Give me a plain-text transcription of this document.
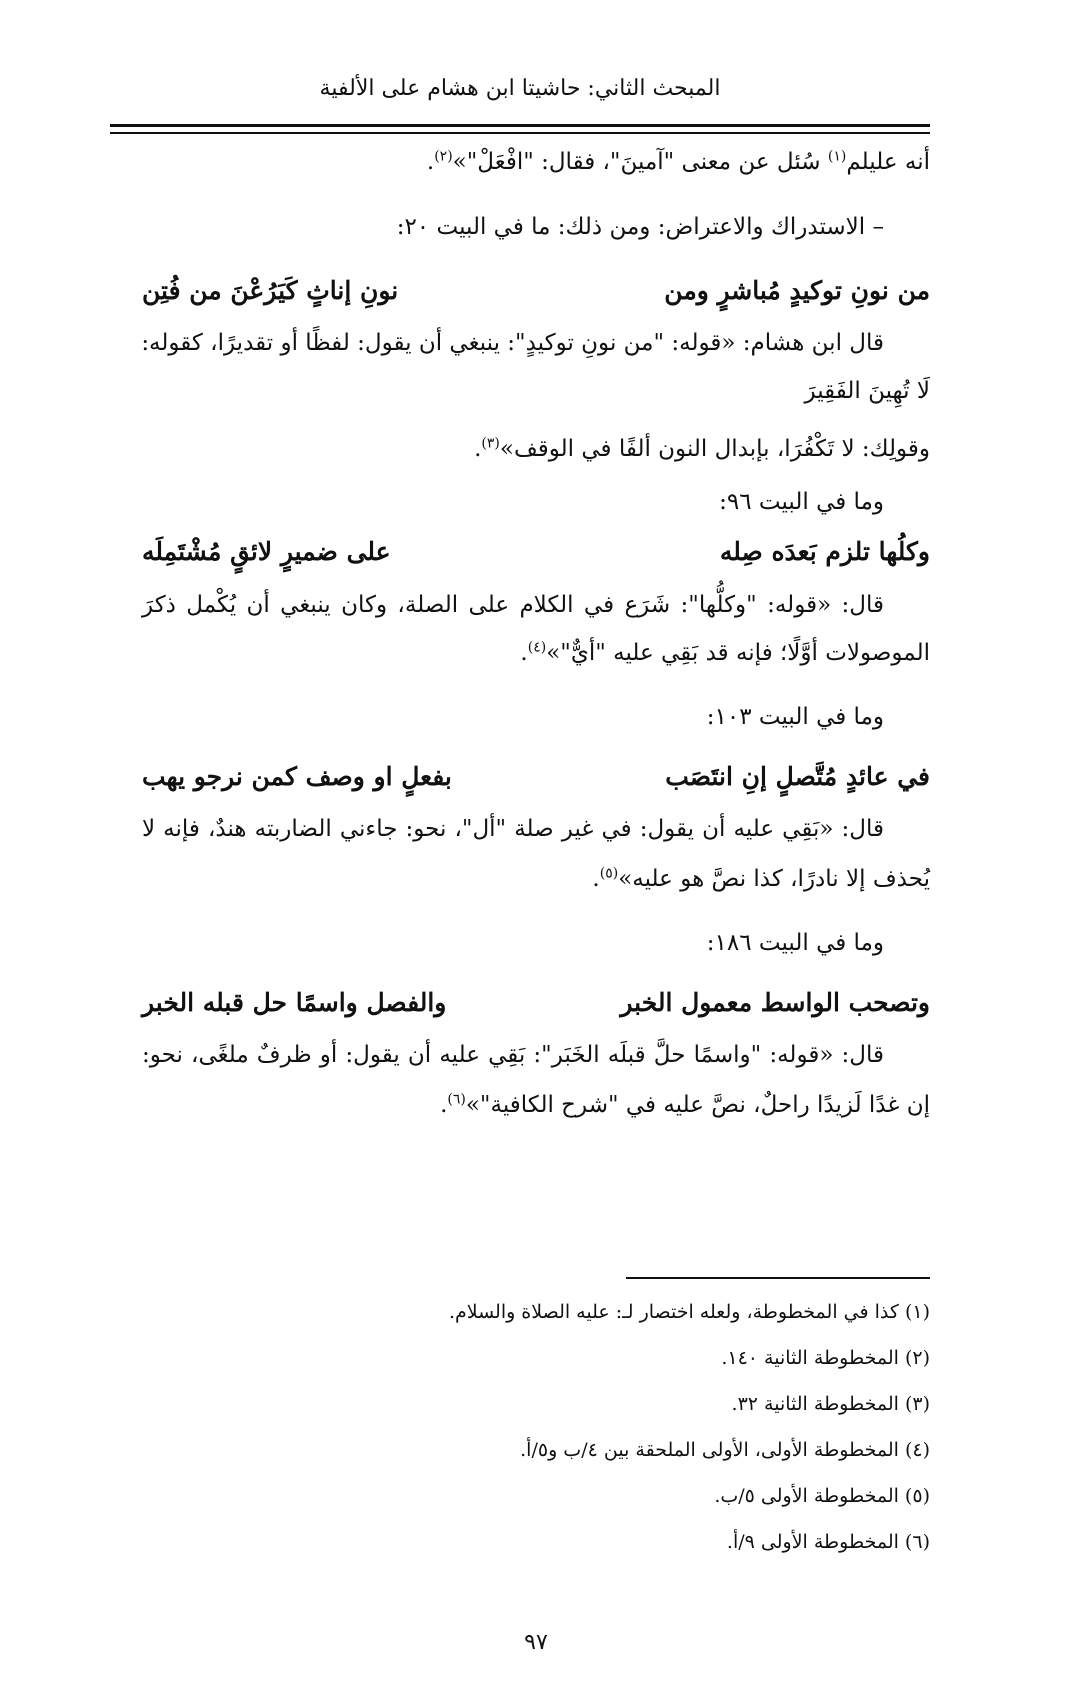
المبحث الثاني: حاشيتا ابن هشام على الألفية
أنه عليلم$^{(١)}$ سُئل عن معنى "آمينَ"، فقال: "افْعَلْ"»$^{(٢)}$.
– الاستدراك والاعتراض: ومن ذلك: ما في البيت ٢٠:
من نونِ توكيدٍ مُباشرٍ ومن
نونِ إناثٍ كَيَرُعْنَ من فُتِن
قال ابن هشام: «قوله: "من نونِ توكيدٍ": ينبغي أن يقول: لفظًا أو تقديرًا، كقوله:
لَا تُهِينَ الفَقِيرَ
وقولِك: لا تَكْفُرَا، بإبدال النون ألفًا في الوقف»$^{(٣)}$.
وما في البيت ٩٦:
وكلُها تلزم بَعدَه صِله
على ضميرٍ لائقٍ مُشْتَمِلَه
قال: «قوله: "وكلُّها": شَرَع في الكلام على الصلة، وكان ينبغي أن يُكْمل ذكرَ
الموصولات أوَّلًا؛ فإنه قد بَقِي عليه "أيٌّ"»$^{(٤)}$.
وما في البيت ١٠٣:
في عائدٍ مُتَّصلٍ إنِ انتَصَب
بفعلٍ او وصف كمن نرجو يهب
قال: «بَقِي عليه أن يقول: في غير صلة "أل"، نحو: جاءني الضاربته هندٌ، فإنه لا
يُحذف إلا نادرًا، كذا نصَّ هو عليه»$^{(٥)}$.
وما في البيت ١٨٦:
وتصحب الواسط معمول الخبر
والفصل واسمًا حل قبله الخبر
قال: «قوله: "واسمًا حلَّ قبلَه الخَبَر": بَقِي عليه أن يقول: أو ظرفٌ ملغًى، نحو:
إن غدًا لَزيدًا راحلٌ، نصَّ عليه في "شرح الكافية"»$^{(٦)}$.
(١) كذا في المخطوطة، ولعله اختصار لـ: عليه الصلاة والسلام.
(٢) المخطوطة الثانية ١٤٠.
(٣) المخطوطة الثانية ٣٢.
(٤) المخطوطة الأولى، الأولى الملحقة بين ٤/ب و٥/أ.
(٥) المخطوطة الأولى ٥/ب.
(٦) المخطوطة الأولى ٩/أ.
٩٧
